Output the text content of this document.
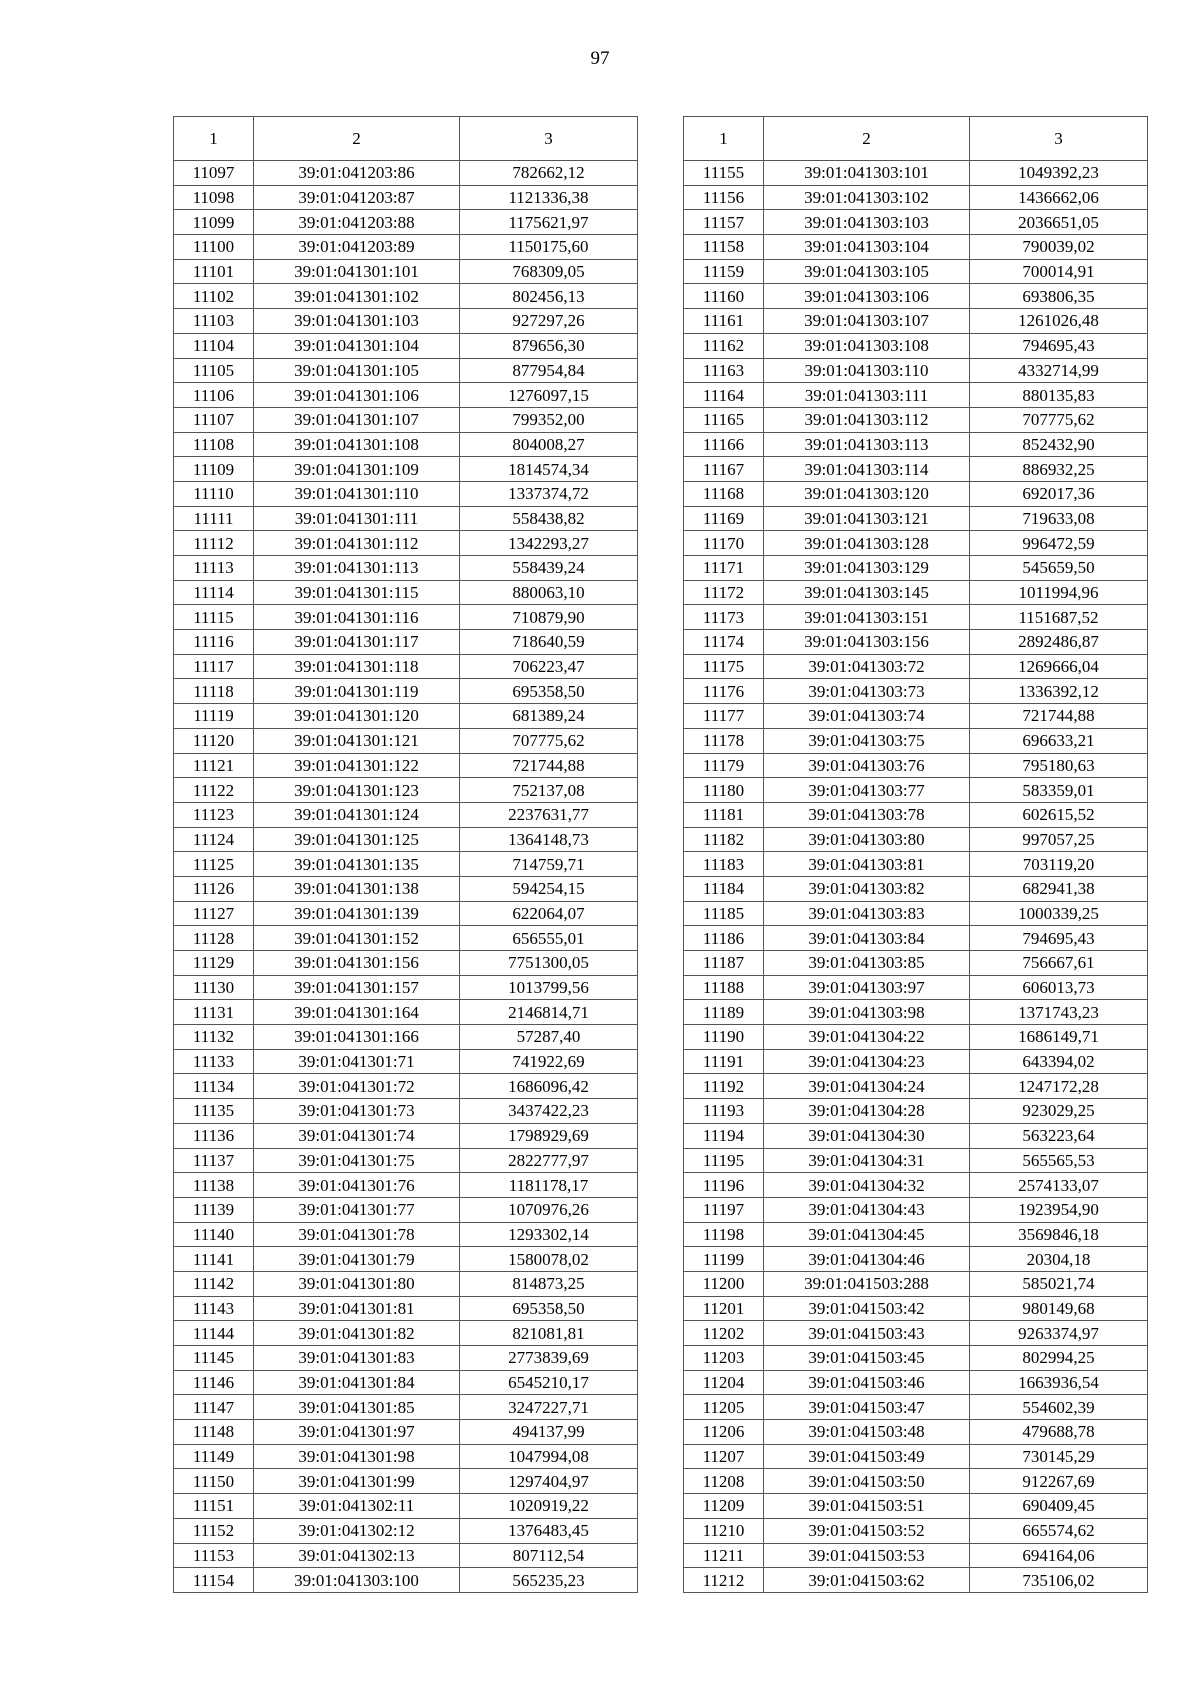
97
1	2	3
11097	39:01:041203:86	782662,12
11098	39:01:041203:87	1121336,38
11099	39:01:041203:88	1175621,97
11100	39:01:041203:89	1150175,60
11101	39:01:041301:101	768309,05
11102	39:01:041301:102	802456,13
11103	39:01:041301:103	927297,26
11104	39:01:041301:104	879656,30
11105	39:01:041301:105	877954,84
11106	39:01:041301:106	1276097,15
11107	39:01:041301:107	799352,00
11108	39:01:041301:108	804008,27
11109	39:01:041301:109	1814574,34
11110	39:01:041301:110	1337374,72
11111	39:01:041301:111	558438,82
11112	39:01:041301:112	1342293,27
11113	39:01:041301:113	558439,24
11114	39:01:041301:115	880063,10
11115	39:01:041301:116	710879,90
11116	39:01:041301:117	718640,59
11117	39:01:041301:118	706223,47
11118	39:01:041301:119	695358,50
11119	39:01:041301:120	681389,24
11120	39:01:041301:121	707775,62
11121	39:01:041301:122	721744,88
11122	39:01:041301:123	752137,08
11123	39:01:041301:124	2237631,77
11124	39:01:041301:125	1364148,73
11125	39:01:041301:135	714759,71
11126	39:01:041301:138	594254,15
11127	39:01:041301:139	622064,07
11128	39:01:041301:152	656555,01
11129	39:01:041301:156	7751300,05
11130	39:01:041301:157	1013799,56
11131	39:01:041301:164	2146814,71
11132	39:01:041301:166	57287,40
11133	39:01:041301:71	741922,69
11134	39:01:041301:72	1686096,42
11135	39:01:041301:73	3437422,23
11136	39:01:041301:74	1798929,69
11137	39:01:041301:75	2822777,97
11138	39:01:041301:76	1181178,17
11139	39:01:041301:77	1070976,26
11140	39:01:041301:78	1293302,14
11141	39:01:041301:79	1580078,02
11142	39:01:041301:80	814873,25
11143	39:01:041301:81	695358,50
11144	39:01:041301:82	821081,81
11145	39:01:041301:83	2773839,69
11146	39:01:041301:84	6545210,17
11147	39:01:041301:85	3247227,71
11148	39:01:041301:97	494137,99
11149	39:01:041301:98	1047994,08
11150	39:01:041301:99	1297404,97
11151	39:01:041302:11	1020919,22
11152	39:01:041302:12	1376483,45
11153	39:01:041302:13	807112,54
11154	39:01:041303:100	565235,23
1	2	3
11155	39:01:041303:101	1049392,23
11156	39:01:041303:102	1436662,06
11157	39:01:041303:103	2036651,05
11158	39:01:041303:104	790039,02
11159	39:01:041303:105	700014,91
11160	39:01:041303:106	693806,35
11161	39:01:041303:107	1261026,48
11162	39:01:041303:108	794695,43
11163	39:01:041303:110	4332714,99
11164	39:01:041303:111	880135,83
11165	39:01:041303:112	707775,62
11166	39:01:041303:113	852432,90
11167	39:01:041303:114	886932,25
11168	39:01:041303:120	692017,36
11169	39:01:041303:121	719633,08
11170	39:01:041303:128	996472,59
11171	39:01:041303:129	545659,50
11172	39:01:041303:145	1011994,96
11173	39:01:041303:151	1151687,52
11174	39:01:041303:156	2892486,87
11175	39:01:041303:72	1269666,04
11176	39:01:041303:73	1336392,12
11177	39:01:041303:74	721744,88
11178	39:01:041303:75	696633,21
11179	39:01:041303:76	795180,63
11180	39:01:041303:77	583359,01
11181	39:01:041303:78	602615,52
11182	39:01:041303:80	997057,25
11183	39:01:041303:81	703119,20
11184	39:01:041303:82	682941,38
11185	39:01:041303:83	1000339,25
11186	39:01:041303:84	794695,43
11187	39:01:041303:85	756667,61
11188	39:01:041303:97	606013,73
11189	39:01:041303:98	1371743,23
11190	39:01:041304:22	1686149,71
11191	39:01:041304:23	643394,02
11192	39:01:041304:24	1247172,28
11193	39:01:041304:28	923029,25
11194	39:01:041304:30	563223,64
11195	39:01:041304:31	565565,53
11196	39:01:041304:32	2574133,07
11197	39:01:041304:43	1923954,90
11198	39:01:041304:45	3569846,18
11199	39:01:041304:46	20304,18
11200	39:01:041503:288	585021,74
11201	39:01:041503:42	980149,68
11202	39:01:041503:43	9263374,97
11203	39:01:041503:45	802994,25
11204	39:01:041503:46	1663936,54
11205	39:01:041503:47	554602,39
11206	39:01:041503:48	479688,78
11207	39:01:041503:49	730145,29
11208	39:01:041503:50	912267,69
11209	39:01:041503:51	690409,45
11210	39:01:041503:52	665574,62
11211	39:01:041503:53	694164,06
11212	39:01:041503:62	735106,02
